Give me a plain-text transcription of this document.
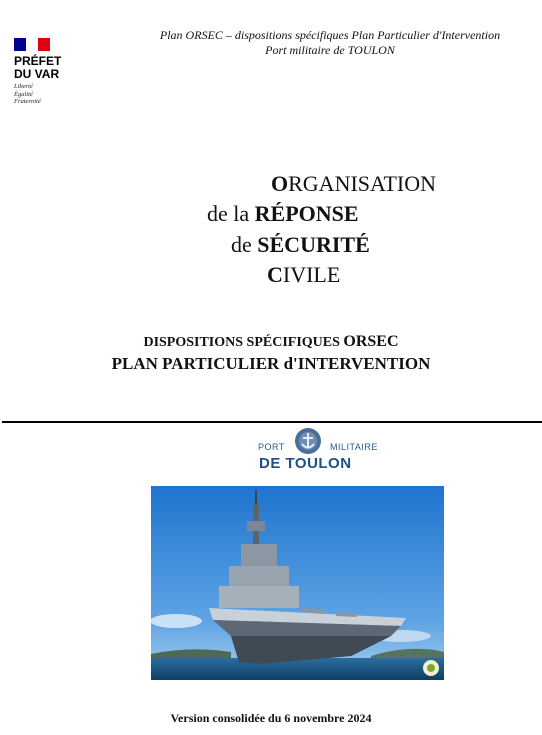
PRÉFET
DU VAR
Liberté
Égalité
Fraternité
Plan ORSEC – dispositions spécifiques Plan Particulier d'Intervention
Port militaire de TOULON
ORGANISATION
de la RÉPONSE
de SÉCURITÉ
CIVILE
DISPOSITIONS SPÉCIFIQUES ORSEC
PLAN PARTICULIER d'INTERVENTION
PORT	MILITAIRE
DE TOULON
Version consolidée du 6 novembre 2024
